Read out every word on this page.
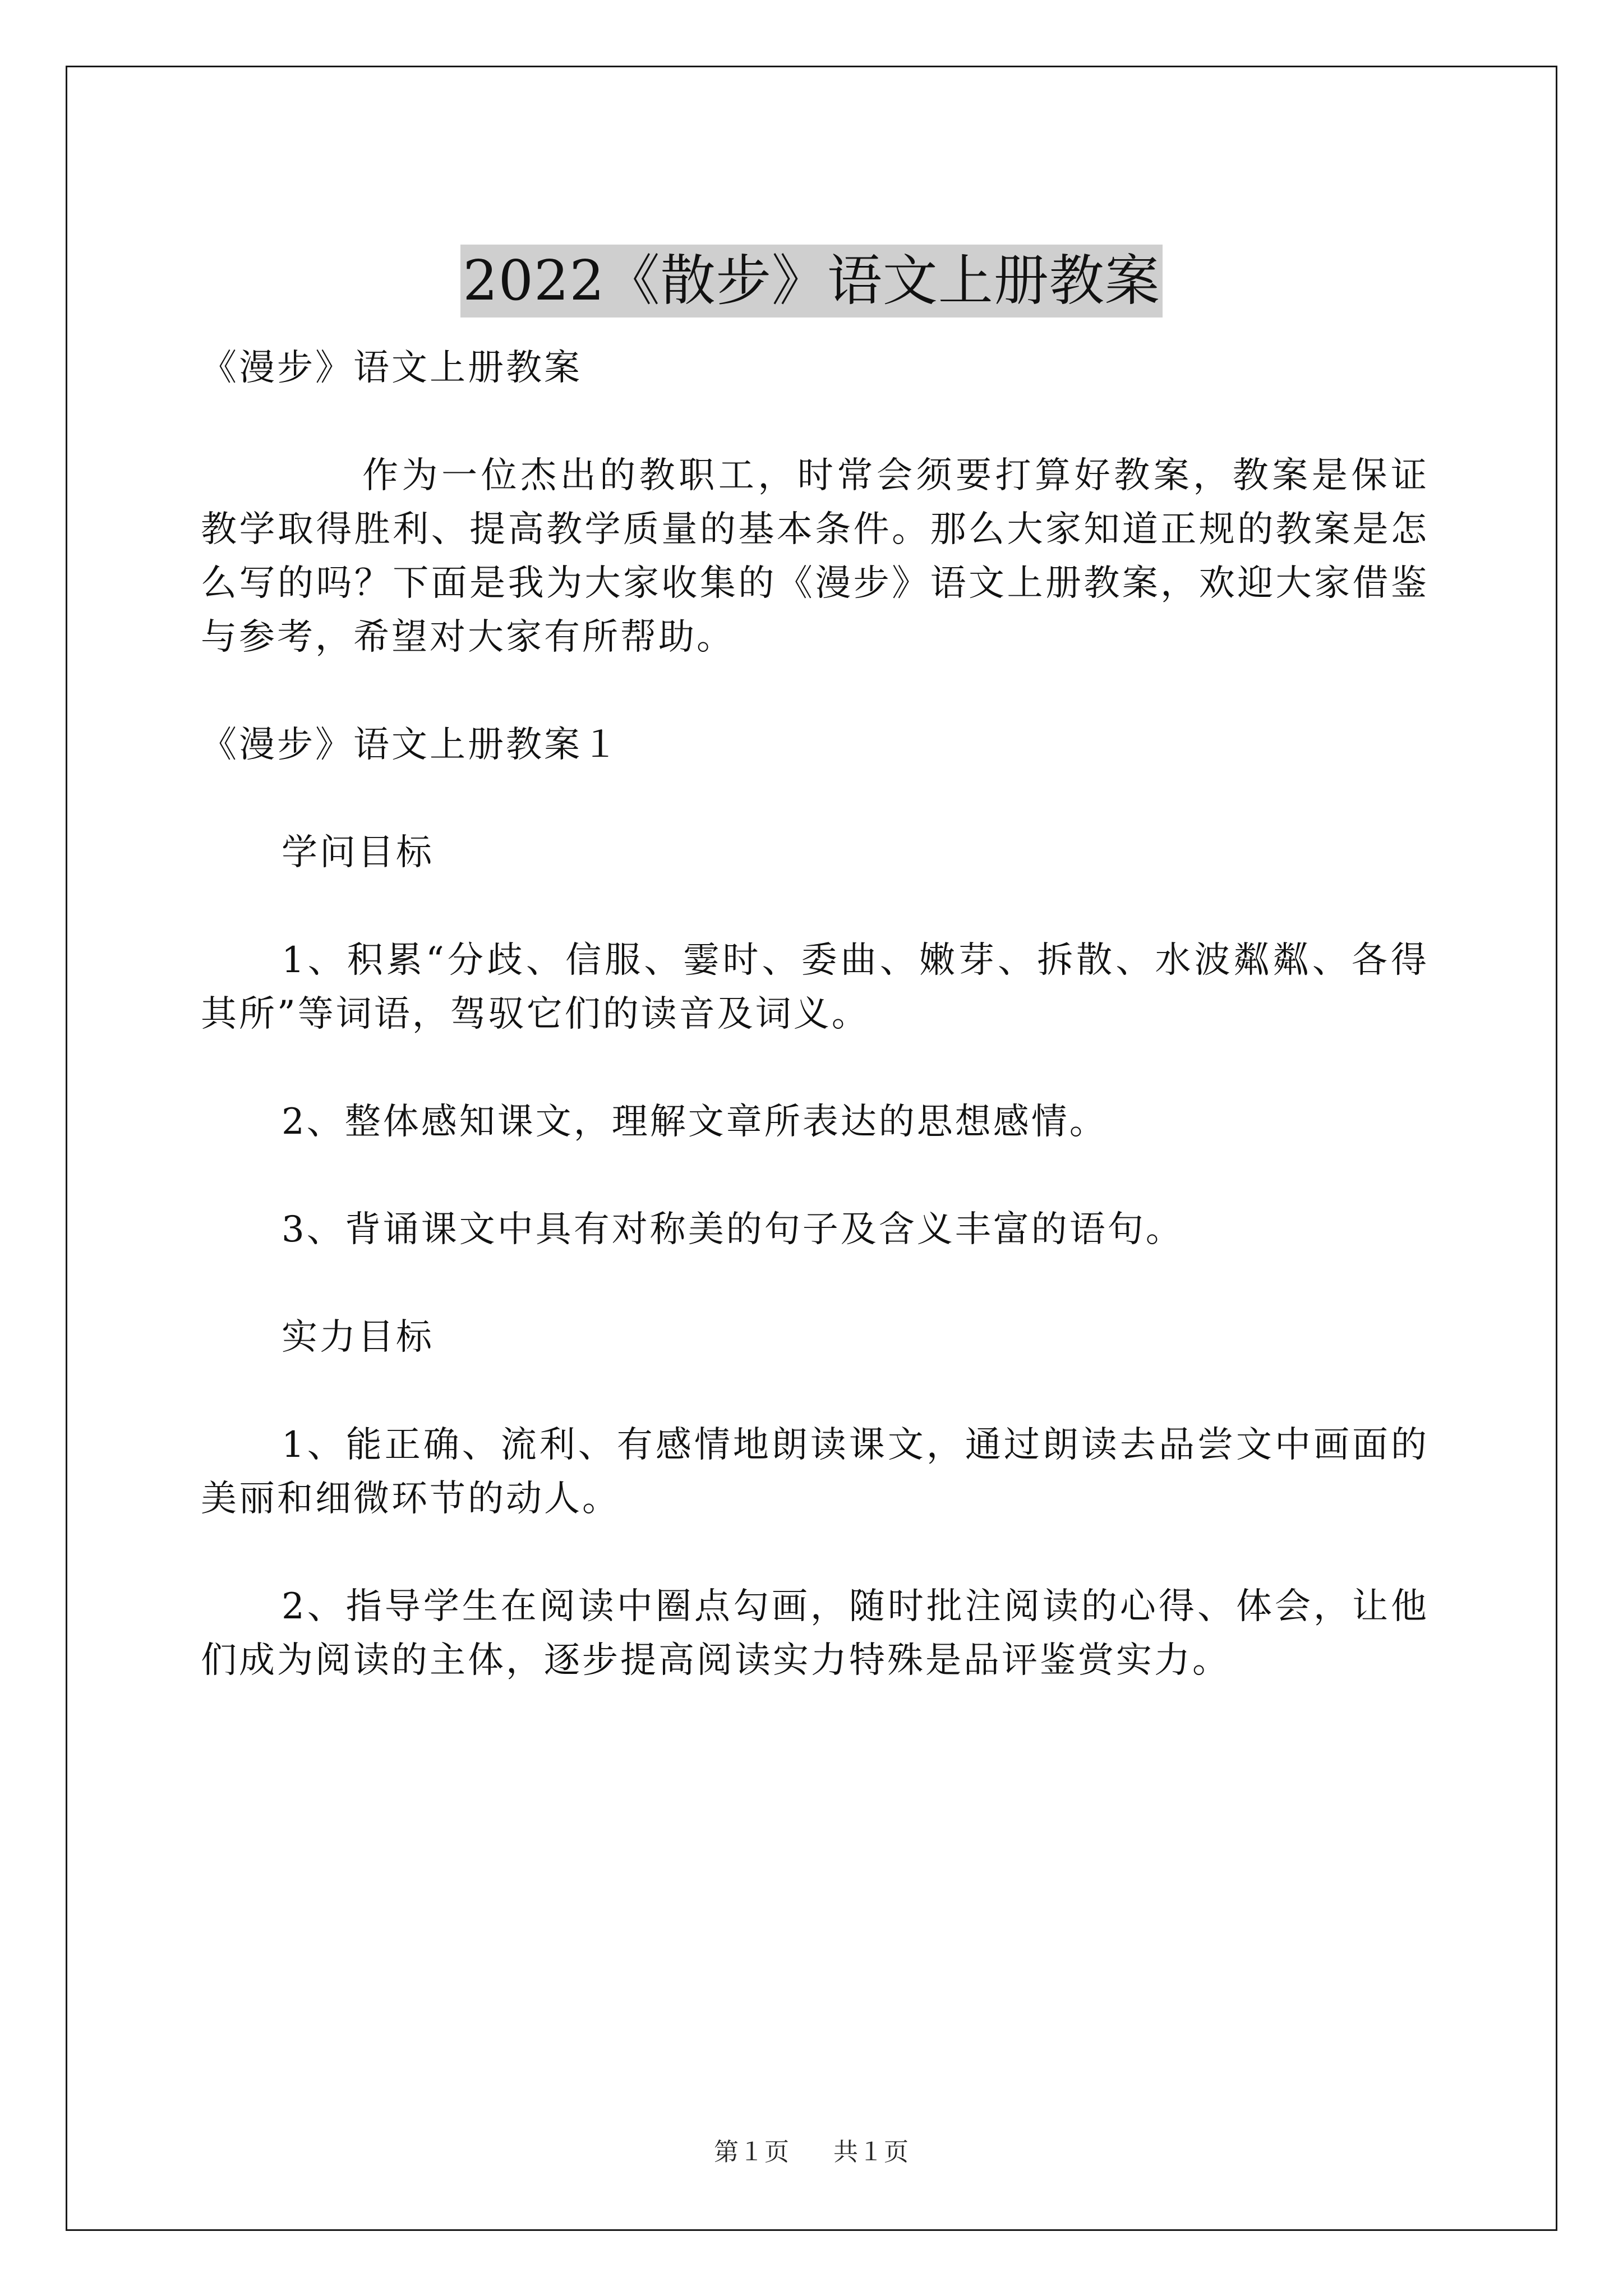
2022《散步》语文上册教案

《漫步》语文上册教案

作为一位杰出的教职工，时常会须要打算好教案，教案是保证教学取得胜利、提高教学质量的基本条件。那么大家知道正规的教案是怎么写的吗？下面是我为大家收集的《漫步》语文上册教案，欢迎大家借鉴与参考，希望对大家有所帮助。

《漫步》语文上册教案１

学问目标

1、积累“分歧、信服、霎时、委曲、嫩芽、拆散、水波粼粼、各得其所”等词语，驾驭它们的读音及词义。

2、整体感知课文，理解文章所表达的思想感情。

3、背诵课文中具有对称美的句子及含义丰富的语句。

实力目标

1、能正确、流利、有感情地朗读课文，通过朗读去品尝文中画面的美丽和细微环节的动人。

2、指导学生在阅读中圈点勾画，随时批注阅读的心得、体会，让他们成为阅读的主体，逐步提高阅读实力特殊是品评鉴赏实力。

第１页 共１页
